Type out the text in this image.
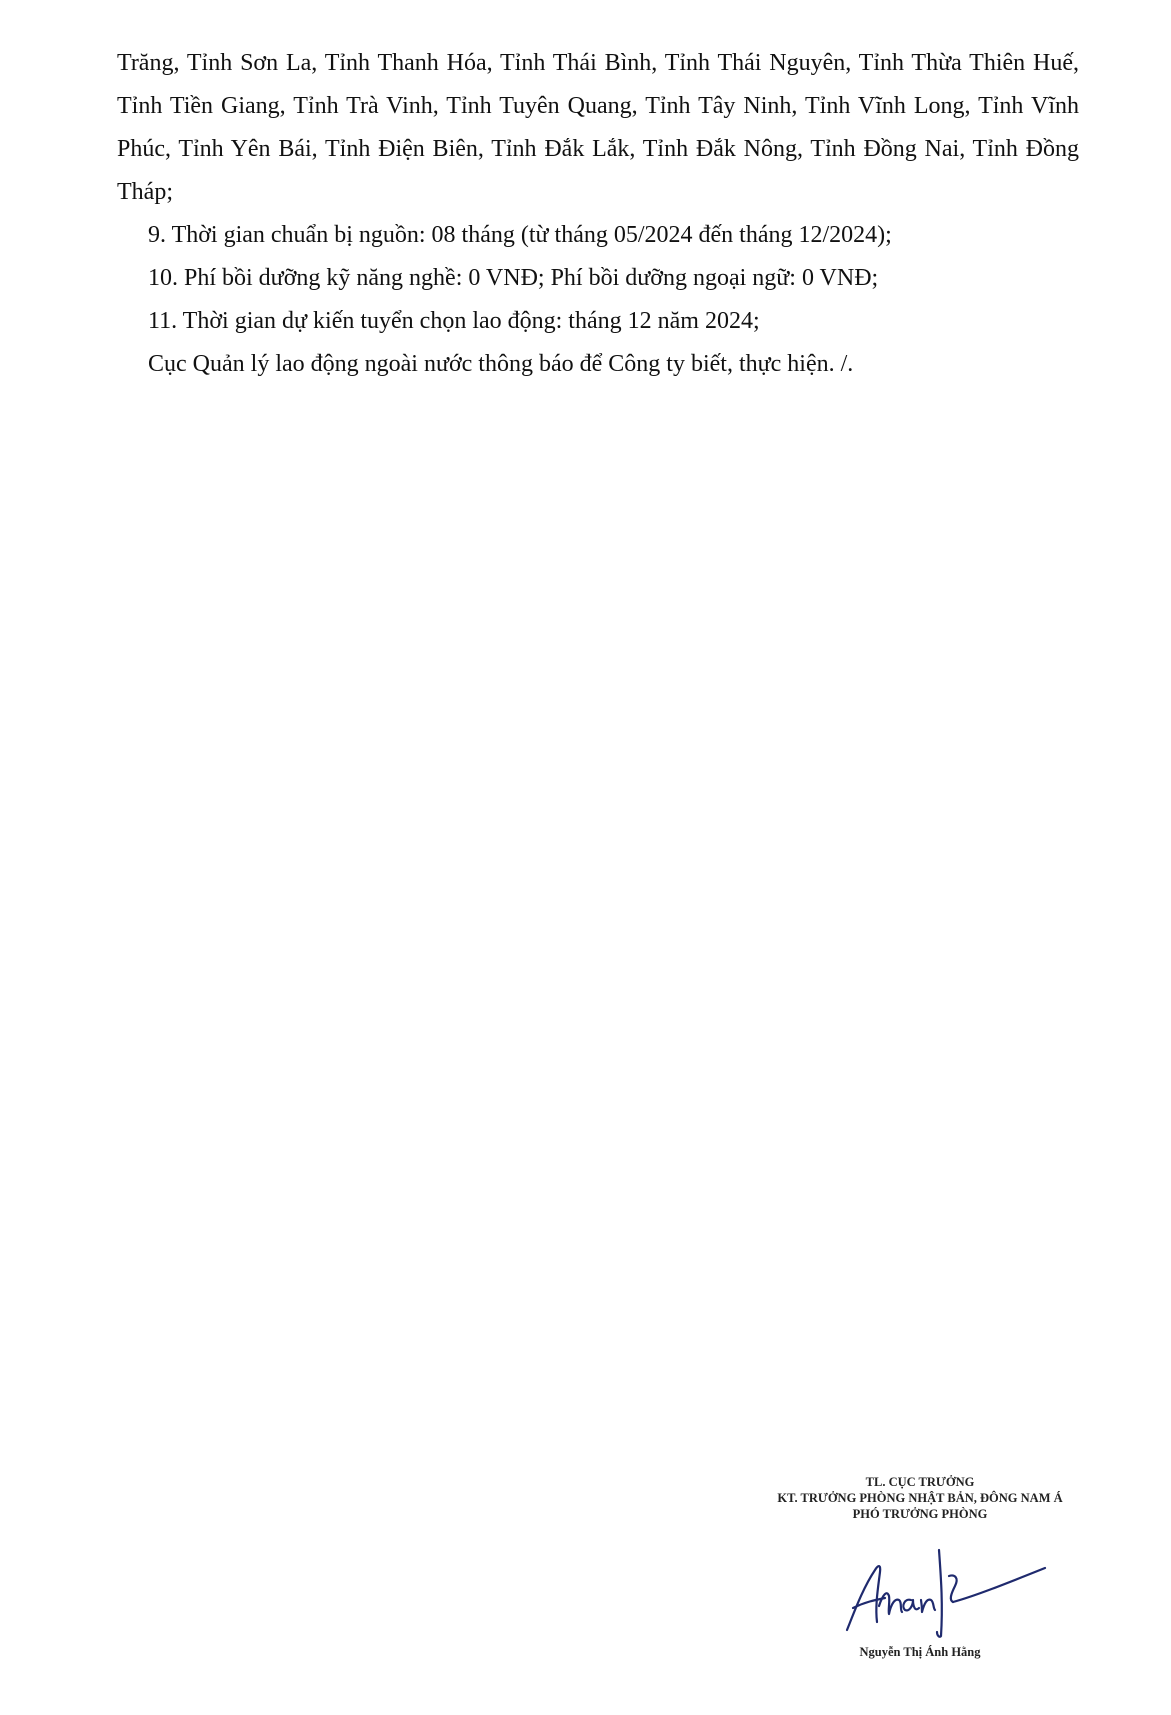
Trăng, Tỉnh Sơn La, Tỉnh Thanh Hóa, Tỉnh Thái Bình, Tỉnh Thái Nguyên, Tỉnh Thừa Thiên Huế, Tỉnh Tiền Giang, Tỉnh Trà Vinh, Tỉnh Tuyên Quang, Tỉnh Tây Ninh, Tỉnh Vĩnh Long, Tỉnh Vĩnh Phúc, Tỉnh Yên Bái, Tỉnh Điện Biên, Tỉnh Đắk Lắk, Tỉnh Đắk Nông, Tỉnh Đồng Nai, Tỉnh Đồng Tháp;

9. Thời gian chuẩn bị nguồn: 08 tháng (từ tháng 05/2024 đến tháng 12/2024);

10. Phí bồi dưỡng kỹ năng nghề: 0 VNĐ; Phí bồi dưỡng ngoại ngữ: 0 VNĐ;

11. Thời gian dự kiến tuyển chọn lao động: tháng 12 năm 2024;

Cục Quản lý lao động ngoài nước thông báo để Công ty biết, thực hiện. /.

TL. CỤC TRƯỞNG
KT. TRƯỞNG PHÒNG NHẬT BẢN, ĐÔNG NAM Á
PHÓ TRƯỞNG PHÒNG
Nguyễn Thị Ánh Hằng
